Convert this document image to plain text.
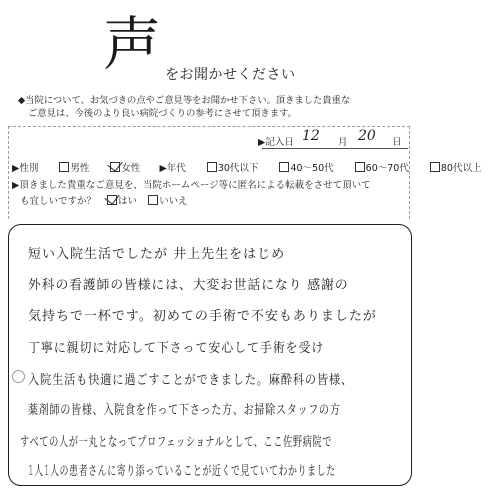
声 をお聞かせください
◆当院について、お気づきの点やご意見等をお聞かせ下さい。頂きました貴重な
ご意見は、今後のより良い病院づくりの参考にさせて頂きます。
▶記入日 12 月 20 日
▶性別	男性	女性 ▶年代	30代以下	40〜50代	60〜70代	80代以上
▶頂きました貴重なご意見を、当院ホームページ等に匿名による転載をさせて頂いて
も宜しいですか？ はい いいえ
短い入院生活でしたが 井上先生をはじめ
外科の看護師の皆様には、大変お世話になり 感謝の
気持ちで一杯です。初めての手術で不安もありましたが
丁寧に親切に対応して下さって安心して手術を受け
入院生活も快適に過ごすことができました。麻酔科の皆様、
薬剤師の皆様、入院食を作って下さった方、お掃除スタッフの方
すべての人が一丸となってプロフェッショナルとして、ここ佐野病院で
1人1人の患者さんに寄り添っていることが近くで見ていてわかりました
